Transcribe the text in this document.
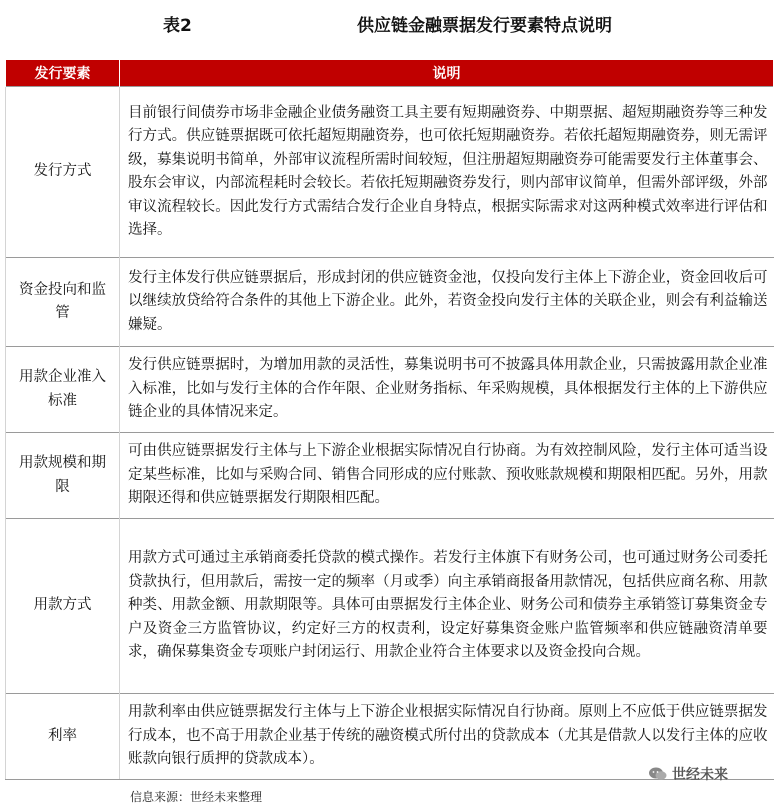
表2	供应链金融票据发行要素特点说明
发行要素	说明
发行方式	目前银行间债券市场非金融企业债务融资工具主要有短期融资券、中期票据、超短期融资券等三种发行方式。供应链票据既可依托超短期融资券，也可依托短期融资券。若依托超短期融资券，则无需评级，募集说明书简单，外部审议流程所需时间较短，但注册超短期融资券可能需要发行主体董事会、股东会审议，内部流程耗时会较长。若依托短期融资券发行，则内部审议简单，但需外部评级，外部审议流程较长。因此发行方式需结合发行企业自身特点，根据实际需求对这两种模式效率进行评估和选择。
资金投向和监管	发行主体发行供应链票据后，形成封闭的供应链资金池，仅投向发行主体上下游企业，资金回收后可以继续放贷给符合条件的其他上下游企业。此外，若资金投向发行主体的关联企业，则会有利益输送嫌疑。
用款企业准入标准	发行供应链票据时，为增加用款的灵活性，募集说明书可不披露具体用款企业，只需披露用款企业准入标准，比如与发行主体的合作年限、企业财务指标、年采购规模，具体根据发行主体的上下游供应链企业的具体情况来定。
用款规模和期限	可由供应链票据发行主体与上下游企业根据实际情况自行协商。为有效控制风险，发行主体可适当设定某些标准，比如与采购合同、销售合同形成的应付账款、预收账款规模和期限相匹配。另外，用款期限还得和供应链票据发行期限相匹配。
用款方式	用款方式可通过主承销商委托贷款的模式操作。若发行主体旗下有财务公司，也可通过财务公司委托贷款执行，但用款后，需按一定的频率（月或季）向主承销商报备用款情况，包括供应商名称、用款种类、用款金额、用款期限等。具体可由票据发行主体企业、财务公司和债券主承销签订募集资金专户及资金三方监管协议，约定好三方的权责利，设定好募集资金账户监管频率和供应链融资清单要求，确保募集资金专项账户封闭运行、用款企业符合主体要求以及资金投向合规。
利率	用款利率由供应链票据发行主体与上下游企业根据实际情况自行协商。原则上不应低于供应链票据发行成本，也不高于用款企业基于传统的融资模式所付出的贷款成本（尤其是借款人以发行主体的应收账款向银行质押的贷款成本）。
信息来源：世经未来整理
世经未来
